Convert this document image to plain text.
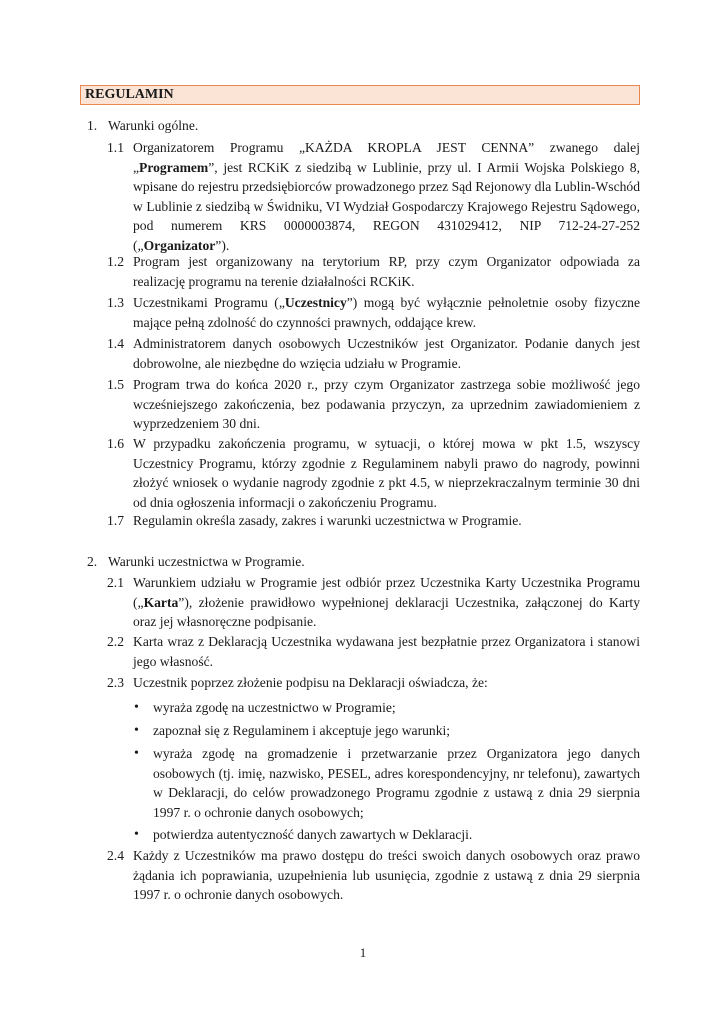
REGULAMIN
1. Warunki ogólne.
1.1 Organizatorem Programu „KAŻDA KROPLA JEST CENNA” zwanego dalej „Programem”, jest RCKiK z siedzibą w Lublinie, przy ul. I Armii Wojska Polskiego 8, wpisane do rejestru przedsiębiorców prowadzonego przez Sąd Rejonowy dla Lublin-Wschód w Lublinie z siedzibą w Świdniku, VI Wydział Gospodarczy Krajowego Rejestru Sądowego, pod numerem KRS 0000003874, REGON 431029412, NIP 712-24-27-252 („Organizator”).
1.2 Program jest organizowany na terytorium RP, przy czym Organizator odpowiada za realizację programu na terenie działalności RCKiK.
1.3 Uczestnikami Programu („Uczestnicy”) mogą być wyłącznie pełnoletnie osoby fizyczne mające pełną zdolność do czynności prawnych, oddające krew.
1.4 Administratorem danych osobowych Uczestników jest Organizator. Podanie danych jest dobrowolne, ale niezbędne do wzięcia udziału w Programie.
1.5 Program trwa do końca 2020 r., przy czym Organizator zastrzega sobie możliwość jego wcześniejszego zakończenia, bez podawania przyczyn, za uprzednim zawiadomieniem z wyprzedzeniem 30 dni.
1.6 W przypadku zakończenia programu, w sytuacji, o której mowa w pkt 1.5, wszyscy Uczestnicy Programu, którzy zgodnie z Regulaminem nabyli prawo do nagrody, powinni złożyć wniosek o wydanie nagrody zgodnie z pkt 4.5, w nieprzekraczalnym terminie 30 dni od dnia ogłoszenia informacji o zakończeniu Programu.
1.7 Regulamin określa zasady, zakres i warunki uczestnictwa w Programie.
2. Warunki uczestnictwa w Programie.
2.1 Warunkiem udziału w Programie jest odbiór przez Uczestnika Karty Uczestnika Programu („Karta”), złożenie prawidłowo wypełnionej deklaracji Uczestnika, załączonej do Karty oraz jej własnoręczne podpisanie.
2.2 Karta wraz z Deklaracją Uczestnika wydawana jest bezpłatnie przez Organizatora i stanowi jego własność.
2.3 Uczestnik poprzez złożenie podpisu na Deklaracji oświadcza, że:
• wyraża zgodę na uczestnictwo w Programie;
• zapoznał się z Regulaminem i akceptuje jego warunki;
• wyraża zgodę na gromadzenie i przetwarzanie przez Organizatora jego danych osobowych (tj. imię, nazwisko, PESEL, adres korespondencyjny, nr telefonu), zawartych w Deklaracji, do celów prowadzonego Programu zgodnie z ustawą z dnia 29 sierpnia 1997 r. o ochronie danych osobowych;
• potwierdza autentyczność danych zawartych w Deklaracji.
2.4 Każdy z Uczestników ma prawo dostępu do treści swoich danych osobowych oraz prawo żądania ich poprawiania, uzupełnienia lub usunięcia, zgodnie z ustawą z dnia 29 sierpnia 1997 r. o ochronie danych osobowych.
1
